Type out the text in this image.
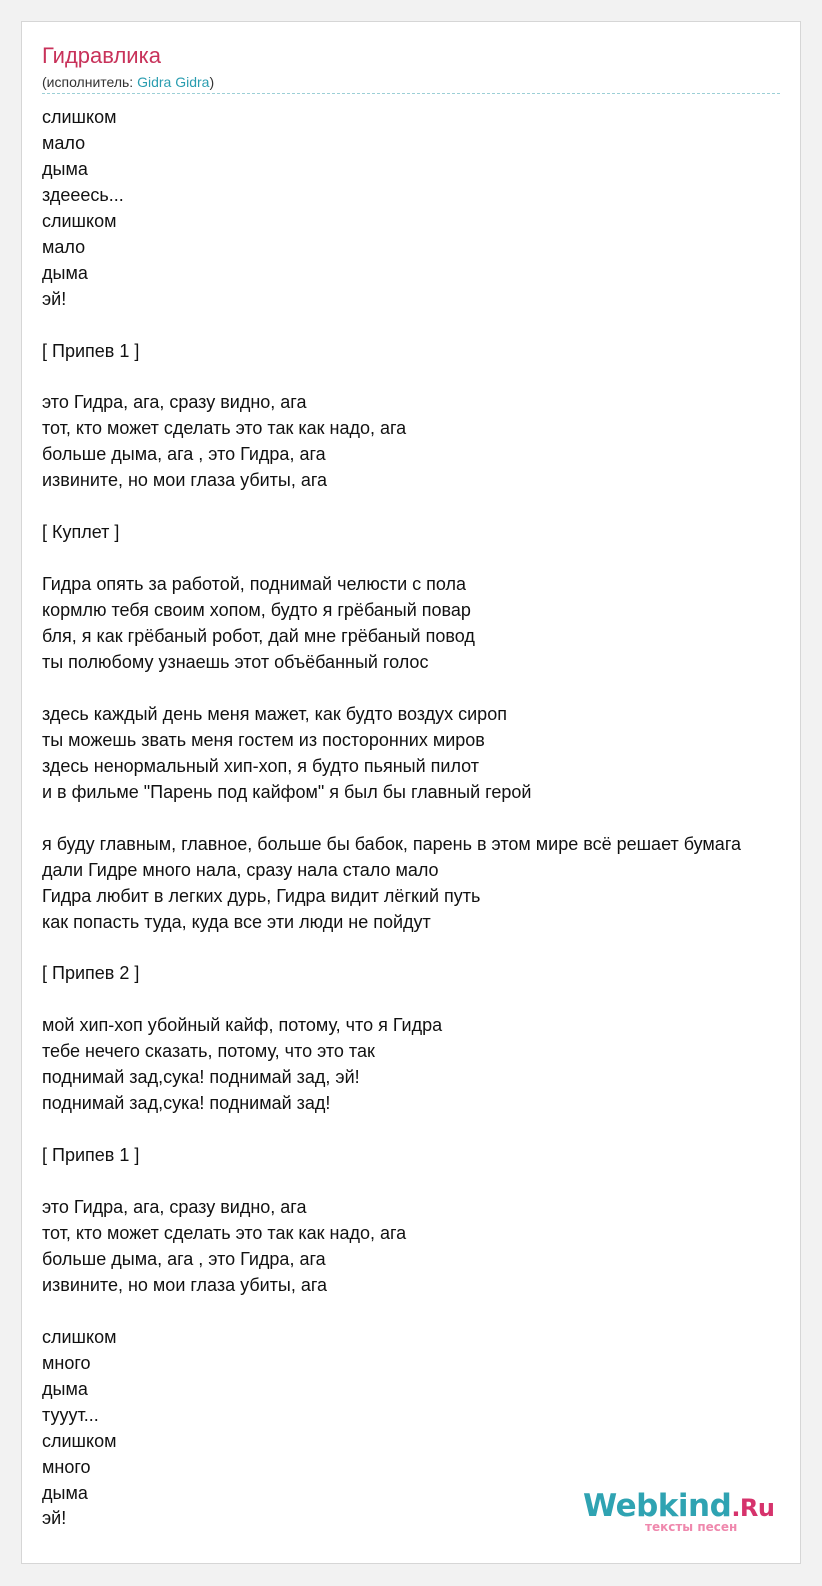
Гидравлика
(исполнитель: Gidra Gidra)
слишком
мало
дыма
здееесь...
слишком
мало
дыма
эй!
[ Припев 1 ]
это Гидра, ага, сразу видно, ага
тот, кто может сделать это так как надо, ага
больше дыма, ага , это Гидра, ага
извините, но мои глаза убиты, ага
[ Куплет ]
Гидра опять за работой, поднимай челюсти с пола
кормлю тебя своим хопом, будто я грёбаный повар
бля, я как грёбаный робот, дай мне грёбаный повод
ты полюбому узнаешь этот объёбанный голос
здесь каждый день меня мажет, как будто воздух сироп
ты можешь звать меня гостем из посторонних миров
здесь ненормальный хип-хоп, я будто пьяный пилот
и в фильме "Парень под кайфом" я был бы главный герой
я буду главным, главное, больше бы бабок, парень в этом мире всё решает бумага
дали Гидре много нала, сразу нала стало мало
Гидра любит в легких дурь, Гидра видит лёгкий путь
как попасть туда, куда все эти люди не пойдут
[ Припев 2 ]
мой хип-хоп убойный кайф, потому, что я Гидра
тебе нечего сказать, потому, что это так
поднимай зад,сука! поднимай зад, эй!
поднимай зад,сука! поднимай зад!
[ Припев 1 ]
это Гидра, ага, сразу видно, ага
тот, кто может сделать это так как надо, ага
больше дыма, ага , это Гидра, ага
извините, но мои глаза убиты, ага
слишком
много
дыма
тууут...
слишком
много
дыма
эй!	Webkind.Ru
тексты песен
